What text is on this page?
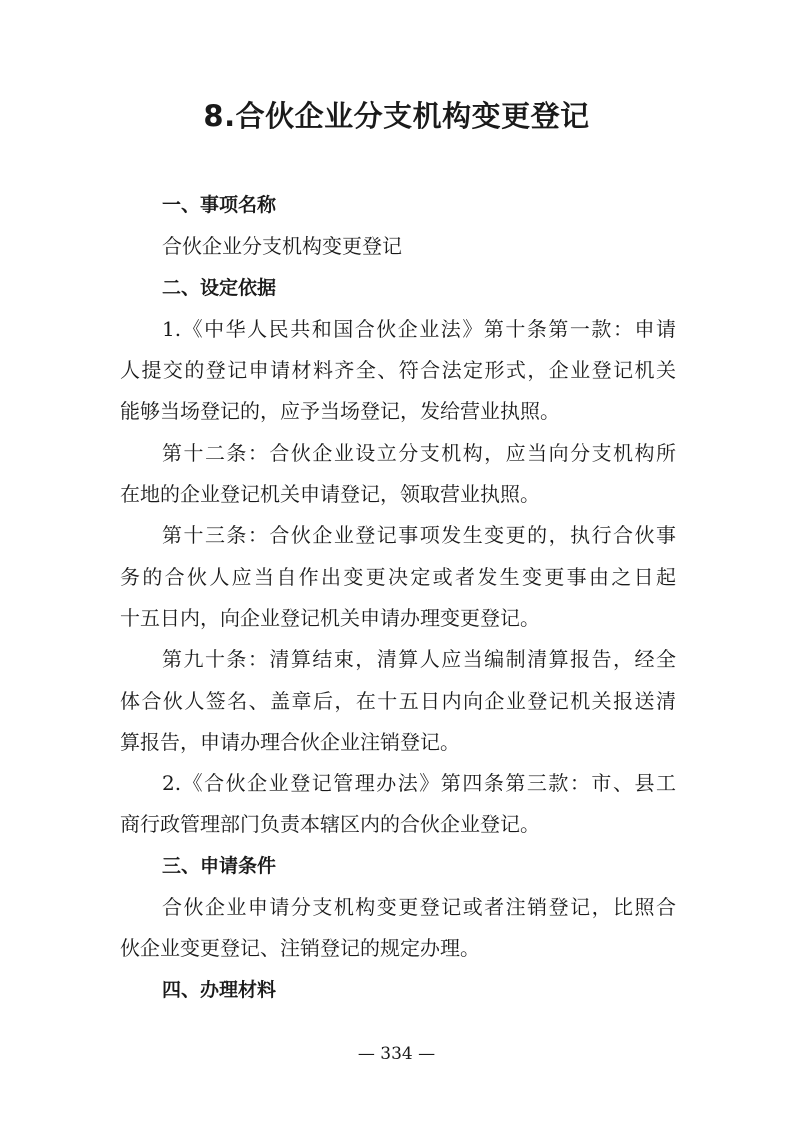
8.合伙企业分支机构变更登记
一、事项名称
合伙企业分支机构变更登记
二、设定依据
1.《中华人民共和国合伙企业法》第十条第一款：申请
人提交的登记申请材料齐全、符合法定形式，企业登记机关
能够当场登记的，应予当场登记，发给营业执照。
第十二条：合伙企业设立分支机构，应当向分支机构所
在地的企业登记机关申请登记，领取营业执照。
第十三条：合伙企业登记事项发生变更的，执行合伙事
务的合伙人应当自作出变更决定或者发生变更事由之日起
十五日内，向企业登记机关申请办理变更登记。
第九十条：清算结束，清算人应当编制清算报告，经全
体合伙人签名、盖章后，在十五日内向企业登记机关报送清
算报告，申请办理合伙企业注销登记。
2.《合伙企业登记管理办法》第四条第三款：市、县工
商行政管理部门负责本辖区内的合伙企业登记。
三、申请条件
合伙企业申请分支机构变更登记或者注销登记，比照合
伙企业变更登记、注销登记的规定办理。
四、办理材料
— 334 —
